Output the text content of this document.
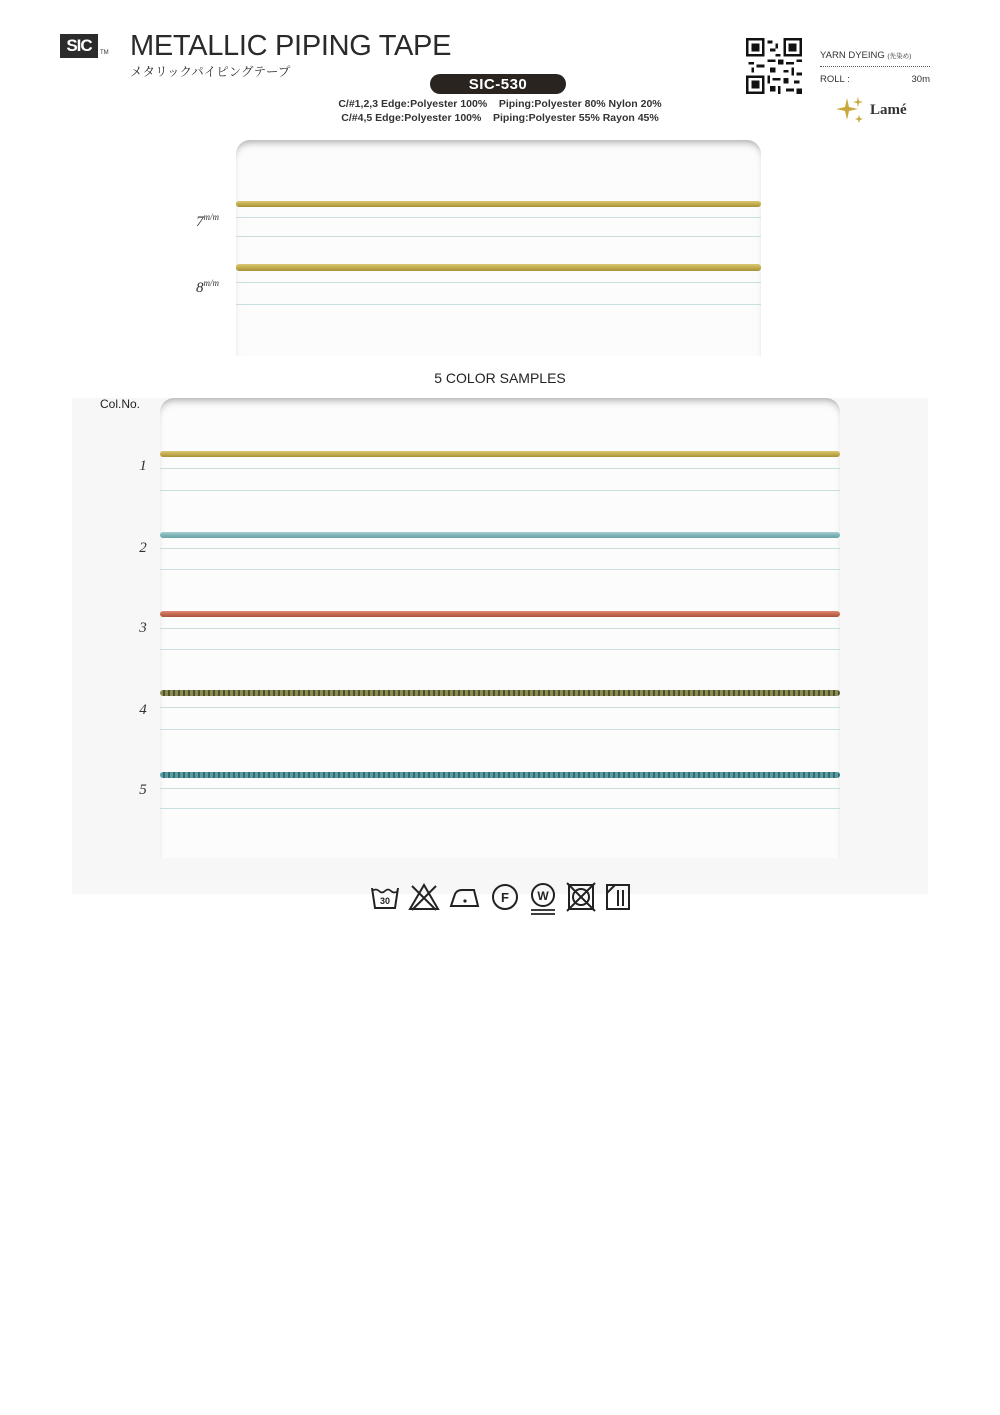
SIC TM METALLIC PIPING TAPE
メタリックパイピングテープ
SIC-530
C/#1,2,3 Edge:Polyester 100%    Piping:Polyester 80% Nylon 20%
C/#4,5 Edge:Polyester 100%    Piping:Polyester 55% Rayon 45%
YARN DYEING (先染め)
ROLL :	30m
Lamé
$7^{m/m}$
$8^{m/m}$
5 COLOR SAMPLES
Col.No.
1
2
3
4
5
30	F W
